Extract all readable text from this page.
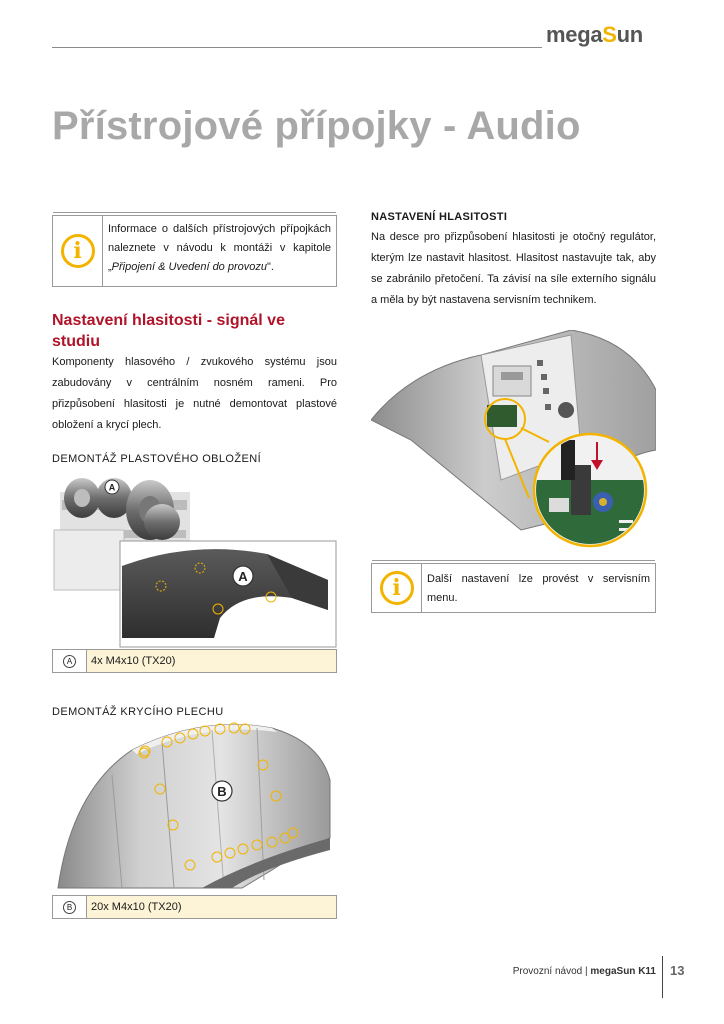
megaSun
Přístrojové přípojky - Audio
i
Informace o dalších přístrojových přípojkách naleznete v návodu k montáži v kapitole „Připojení & Uvedení do provozu".
Nastavení hlasitosti - signál ve studiu

Komponenty hlasového / zvukového systému jsou zabudovány v centrálním nosném rameni. Pro přizpůsobení hlasitosti je nutné demontovat plastové obložení a krycí plech.

DEMONTÁŽ PLASTOVÉHO OBLOŽENÍ
A
A
A	4x M4x10 (TX20)
DEMONTÁŽ KRYCÍHO PLECHU
B
B	20x M4x10 (TX20)
NASTAVENÍ HLASITOSTI

Na desce pro přizpůsobení hlasitosti je otočný regulátor, kterým lze nastavit hlasitost. Hlasitost nastavujte tak, aby se zabránilo přetočení. Ta závisí na síle externího signálu a měla by být nastavena servisním technikem.

i	Další nastavení lze provést v servisním menu.
Provozní návod | megaSun K11 13
